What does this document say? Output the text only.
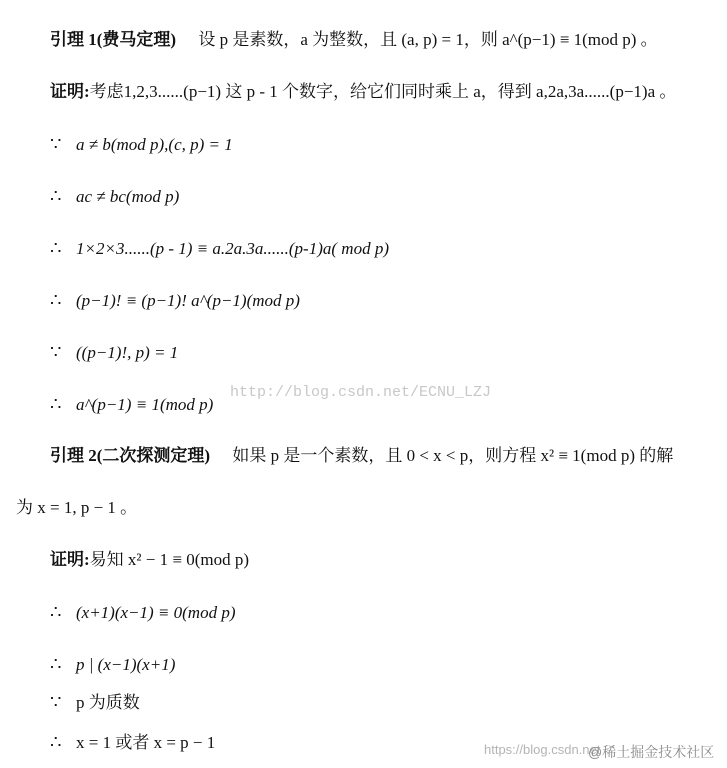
引理 1(费马定理) 设 p 是素数，a 为整数，且 (a, p) = 1，则 a^(p−1) ≡ 1(mod p) 。
证明:考虑1,2,3......(p−1) 这 p - 1 个数字，给它们同时乘上 a，得到 a,2a,3a......(p−1)a 。
∵ a ≠ b(mod p),(c, p) = 1
∴ ac ≠ bc(mod p)
∴ 1×2×3......(p - 1) ≡ a.2a.3a......(p-1)a( mod p)
∴ (p−1)! ≡ (p−1)! a^(p−1)(mod p)
∵ ((p−1)!, p) = 1
∴ a^(p−1) ≡ 1(mod p)
引理 2(二次探测定理) 如果 p 是一个素数，且 0 < x < p，则方程 x² ≡ 1(mod p) 的解
为 x = 1, p − 1 。
证明:易知 x² − 1 ≡ 0(mod p)
∴ (x+1)(x−1) ≡ 0(mod p)
∴ p | (x−1)(x+1)
∵ p 为质数
∴ x = 1 或者 x = p − 1
http://blog.csdn.net/ECNU_LZJ
https://blog.csdn.net
@稀土掘金技术社区
